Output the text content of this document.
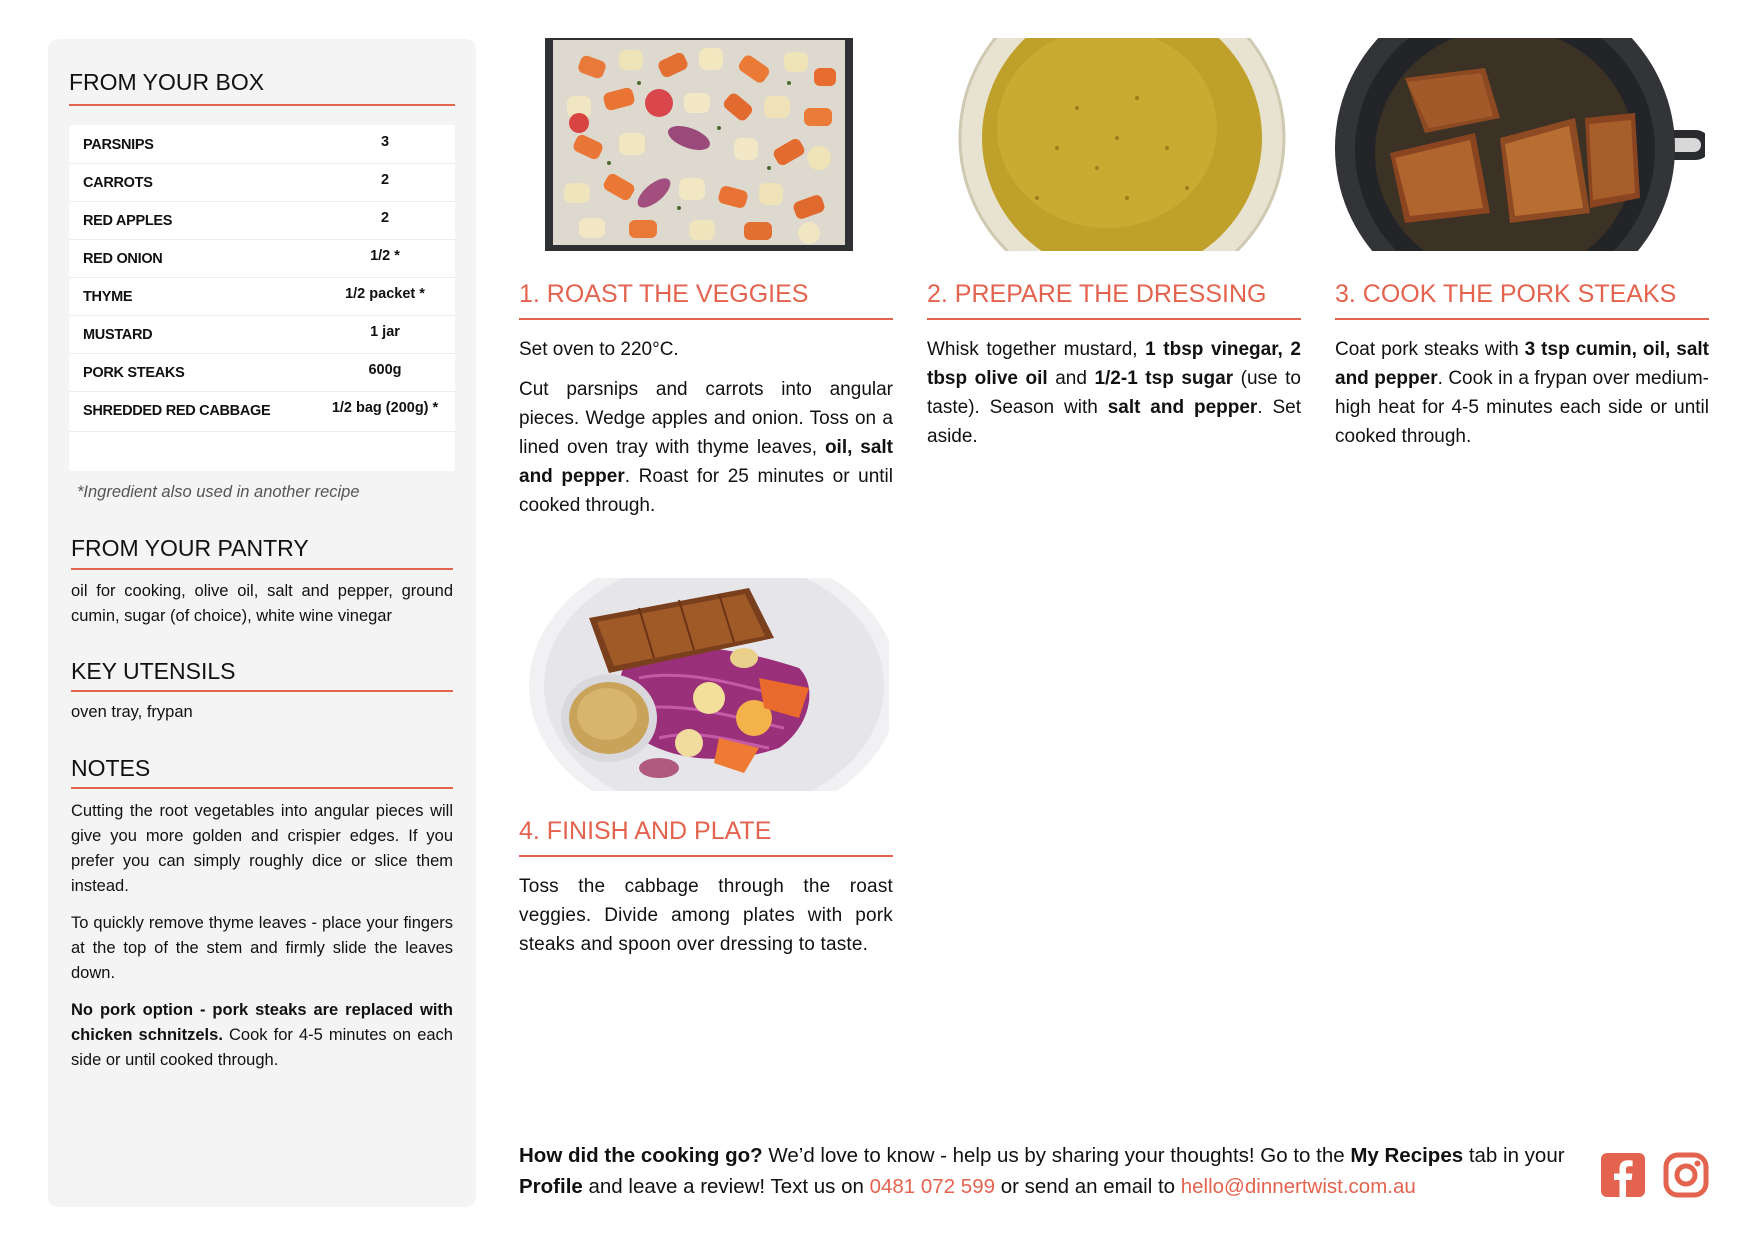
FROM YOUR BOX
PARSNIPS	3
CARROTS	2
RED APPLES	2
RED ONION	1/2 *
THYME	1/2 packet *
MUSTARD	1 jar
PORK STEAKS	600g
SHREDDED RED CABBAGE	1/2 bag (200g) *
*Ingredient also used in another recipe
FROM YOUR PANTRY

oil for cooking, olive oil, salt and pepper, ground cumin, sugar (of choice), white wine vinegar

KEY UTENSILS

oven tray, frypan

NOTES

Cutting the root vegetables into angular pieces will give you more golden and crispier edges. If you prefer you can simply roughly dice or slice them instead.

To quickly remove thyme leaves - place your fingers at the top of the stem and firmly slide the leaves down.

No pork option - pork steaks are replaced with chicken schnitzels. Cook for 4-5 minutes on each side or until cooked through.

1. ROAST THE VEGGIES

Set oven to 220°C.

Cut parsnips and carrots into angular pieces. Wedge apples and onion. Toss on a lined oven tray with thyme leaves, oil, salt and pepper. Roast for 25 minutes or until cooked through.

2. PREPARE THE DRESSING

Whisk together mustard, 1 tbsp vinegar, 2 tbsp olive oil and 1/2-1 tsp sugar (use to taste). Season with salt and pepper. Set aside.

3. COOK THE PORK STEAKS

Coat pork steaks with 3 tsp cumin, oil, salt and pepper. Cook in a frypan over medium-high heat for 4-5 minutes each side or until cooked through.

4. FINISH AND PLATE

Toss the cabbage through the roast veggies. Divide among plates with pork steaks and spoon over dressing to taste.

How did the cooking go? We’d love to know - help us by sharing your thoughts! Go to the My Recipes tab in your Profile and leave a review! Text us on 0481 072 599 or send an email to hello@dinnertwist.com.au
